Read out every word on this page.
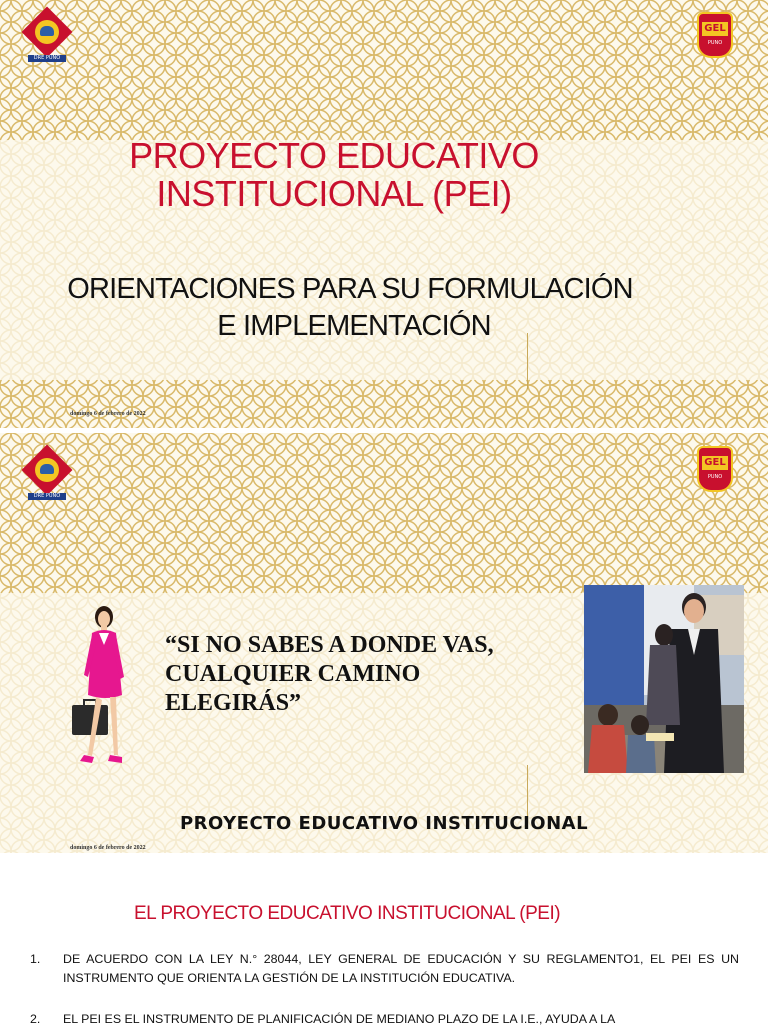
DRE PUNO
GEL
PUNO
PROYECTO EDUCATIVO
INSTITUCIONAL (PEI)
ORIENTACIONES PARA SU FORMULACIÓN
E IMPLEMENTACIÓN
domingo 6 de febrero de 2022
DRE PUNO
GEL
PUNO
“SI NO SABES A DONDE VAS,
CUALQUIER CAMINO
ELEGIRÁS”
PROYECTO EDUCATIVO INSTITUCIONAL
domingo 6 de febrero de 2022
EL PROYECTO EDUCATIVO INSTITUCIONAL (PEI)
1.	DE ACUERDO CON LA LEY N.° 28044, LEY GENERAL DE EDUCACIÓN Y SU REGLAMENTO1, EL PEI ES UN INSTRUMENTO QUE ORIENTA LA GESTIÓN DE LA INSTITUCIÓN EDUCATIVA.
2.	EL PEI ES EL INSTRUMENTO DE PLANIFICACIÓN DE MEDIANO PLAZO DE LA I.E., AYUDA A LA
